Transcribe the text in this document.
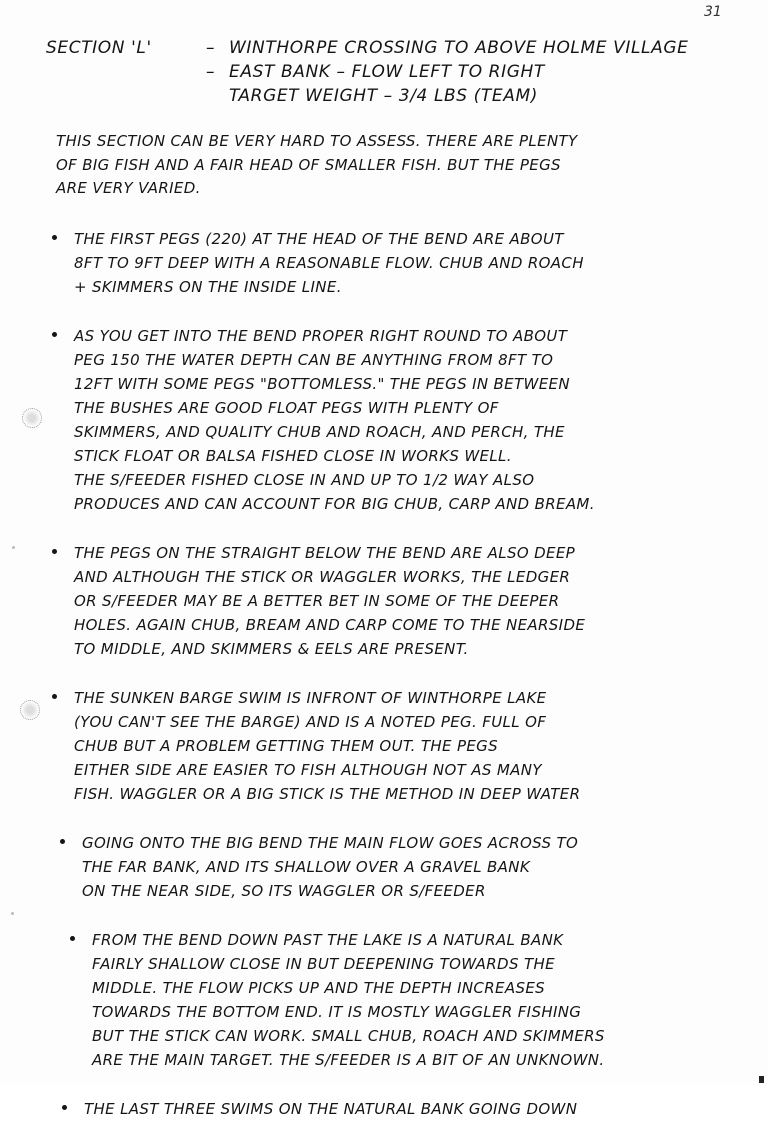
31
SECTION 'L'	– WINTHORPE CROSSING TO ABOVE HOLME VILLAGE
– EAST BANK – FLOW LEFT TO RIGHT
TARGET WEIGHT – 3/4 LBS (TEAM)

THIS SECTION CAN BE VERY HARD TO ASSESS. THERE ARE PLENTY

OF BIG FISH AND A FAIR HEAD OF SMALLER FISH. BUT THE PEGS

ARE VERY VARIED.

THE FIRST PEGS (220) AT THE HEAD OF THE BEND ARE ABOUT
8FT TO 9FT DEEP WITH A REASONABLE FLOW. CHUB AND ROACH
+ SKIMMERS ON THE INSIDE LINE.
AS YOU GET INTO THE BEND PROPER RIGHT ROUND TO ABOUT
PEG 150 THE WATER DEPTH CAN BE ANYTHING FROM 8FT TO
12FT WITH SOME PEGS "BOTTOMLESS." THE PEGS IN BETWEEN
THE BUSHES ARE GOOD FLOAT PEGS WITH PLENTY OF
SKIMMERS, AND QUALITY CHUB AND ROACH, AND PERCH, THE
STICK FLOAT OR BALSA FISHED CLOSE IN WORKS WELL.
THE S/FEEDER FISHED CLOSE IN AND UP TO 1/2 WAY ALSO
PRODUCES AND CAN ACCOUNT FOR BIG CHUB, CARP AND BREAM.
THE PEGS ON THE STRAIGHT BELOW THE BEND ARE ALSO DEEP
AND ALTHOUGH THE STICK OR WAGGLER WORKS, THE LEDGER
OR S/FEEDER MAY BE A BETTER BET IN SOME OF THE DEEPER
HOLES. AGAIN CHUB, BREAM AND CARP COME TO THE NEARSIDE
TO MIDDLE, AND SKIMMERS & EELS ARE PRESENT.
THE SUNKEN BARGE SWIM IS INFRONT OF WINTHORPE LAKE
(YOU CAN'T SEE THE BARGE) AND IS A NOTED PEG. FULL OF
CHUB BUT A PROBLEM GETTING THEM OUT. THE PEGS
EITHER SIDE ARE EASIER TO FISH ALTHOUGH NOT AS MANY
FISH. WAGGLER OR A BIG STICK IS THE METHOD IN DEEP WATER
GOING ONTO THE BIG BEND THE MAIN FLOW GOES ACROSS TO
THE FAR BANK, AND ITS SHALLOW OVER A GRAVEL BANK
ON THE NEAR SIDE, SO ITS WAGGLER OR S/FEEDER
FROM THE BEND DOWN PAST THE LAKE IS A NATURAL BANK
FAIRLY SHALLOW CLOSE IN BUT DEEPENING TOWARDS THE
MIDDLE. THE FLOW PICKS UP AND THE DEPTH INCREASES
TOWARDS THE BOTTOM END. IT IS MOSTLY WAGGLER FISHING
BUT THE STICK CAN WORK. SMALL CHUB, ROACH AND SKIMMERS
ARE THE MAIN TARGET. THE S/FEEDER IS A BIT OF AN UNKNOWN.
THE LAST THREE SWIMS ON THE NATURAL BANK GOING DOWN
